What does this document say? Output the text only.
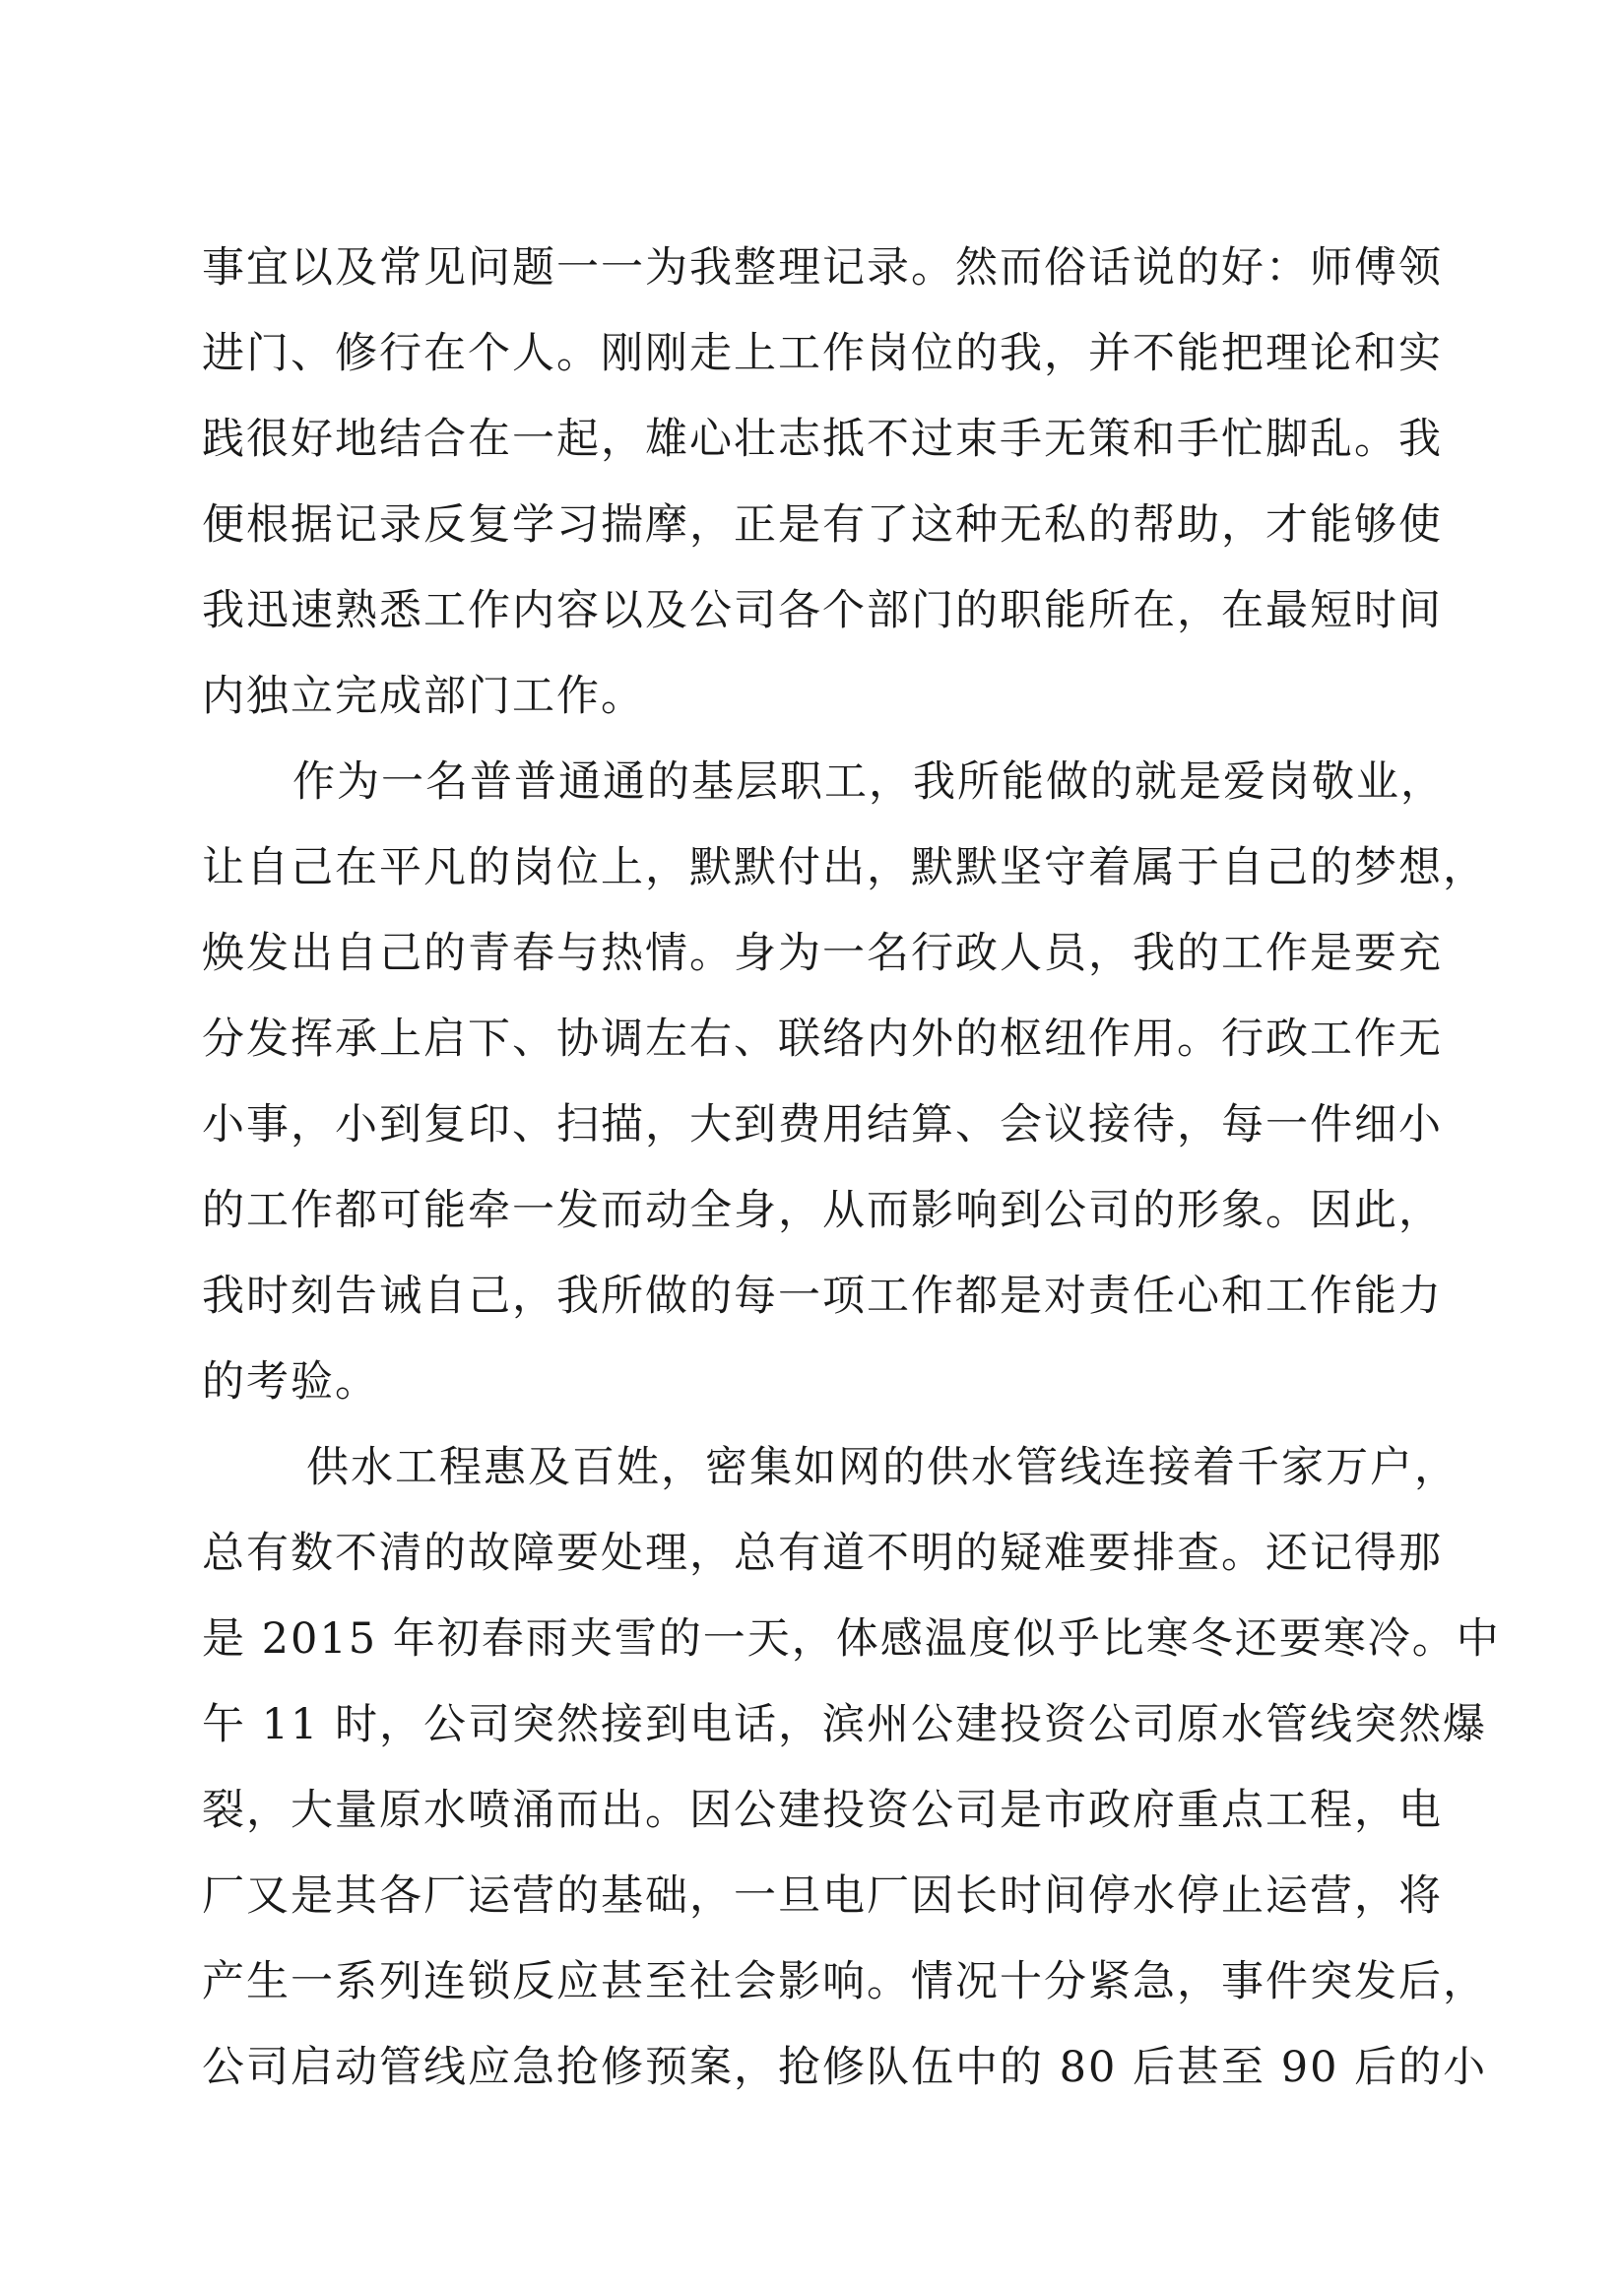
事宜以及常见问题一一为我整理记录。然而俗话说的好：师傅领
进门、修行在个人。刚刚走上工作岗位的我，并不能把理论和实
践很好地结合在一起，雄心壮志抵不过束手无策和手忙脚乱。我
便根据记录反复学习揣摩，正是有了这种无私的帮助，才能够使
我迅速熟悉工作内容以及公司各个部门的职能所在，在最短时间
内独立完成部门工作。
作为一名普普通通的基层职工，我所能做的就是爱岗敬业，
让自己在平凡的岗位上，默默付出，默默坚守着属于自己的梦想，
焕发出自己的青春与热情。身为一名行政人员，我的工作是要充
分发挥承上启下、协调左右、联络内外的枢纽作用。行政工作无
小事，小到复印、扫描，大到费用结算、会议接待，每一件细小
的工作都可能牵一发而动全身，从而影响到公司的形象。因此，
我时刻告诫自己，我所做的每一项工作都是对责任心和工作能力
的考验。
供水工程惠及百姓，密集如网的供水管线连接着千家万户，
总有数不清的故障要处理，总有道不明的疑难要排查。还记得那
是 2015 年初春雨夹雪的一天，体感温度似乎比寒冬还要寒冷。中
午 11 时，公司突然接到电话，滨州公建投资公司原水管线突然爆
裂，大量原水喷涌而出。因公建投资公司是市政府重点工程，电
厂又是其各厂运营的基础，一旦电厂因长时间停水停止运营，将
产生一系列连锁反应甚至社会影响。情况十分紧急，事件突发后，
公司启动管线应急抢修预案，抢修队伍中的 80 后甚至 90 后的小
